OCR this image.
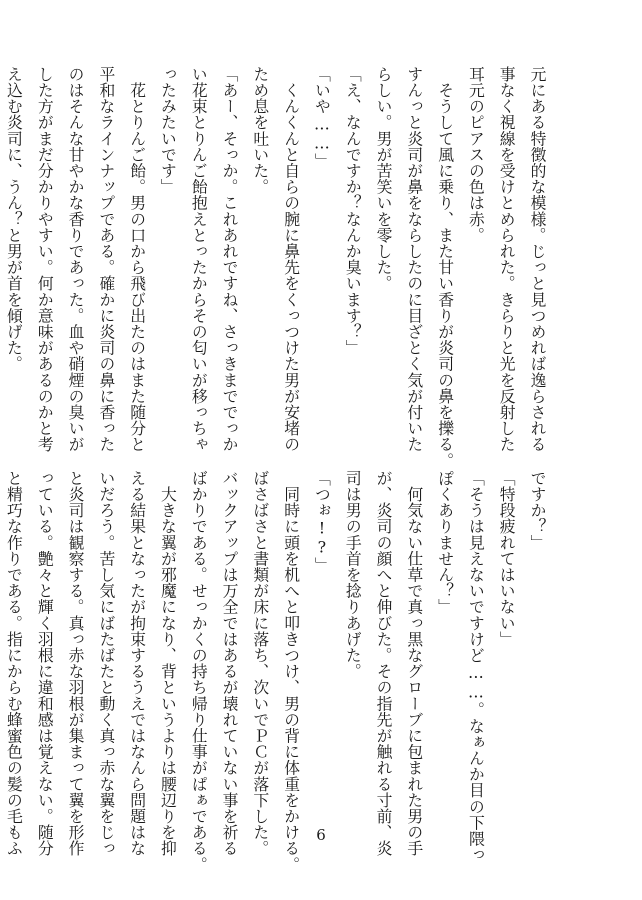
元にある特徴的な模様。じっと見つめれば逸らされる
事なく視線を受けとめられた。きらりと光を反射した
耳元のピアスの色は赤。
　そうして風に乗り、また甘い香りが炎司の鼻を擽る。
すんっと炎司が鼻をならしたのに目ざとく気が付いた
らしい。男が苦笑いを零した。
「え、なんですか？なんか臭います？」
「いや……」
　くんくんと自らの腕に鼻先をくっつけた男が安堵の
ため息を吐いた。
「あー、そっか。これあれですね、さっきまででっか
い花束とりんご飴抱えとったからその匂いが移っちゃ
ったみたいです」
　花とりんご飴。男の口から飛び出たのはまた随分と
平和なラインナップである。確かに炎司の鼻に香った
のはそんな甘やかな香りであった。血や硝煙の臭いが
した方がまだ分かりやすい。何か意味があるのかと考
え込む炎司に、うん？と男が首を傾げた。
ですか？」
「特段疲れてはいない」
「そうは見えないですけど……。なぁんか目の下隈っ
ぽくありません？」
　何気ない仕草で真っ黒なグローブに包まれた男の手
が、炎司の顔へと伸びた。その指先が触れる寸前、炎
司は男の手首を捻りあげた。
「つぉ!?」
　同時に頭を机へと叩きつけ、男の背に体重をかける。
ばさばさと書類が床に落ち、次いでＰＣが落下した。
バックアップは万全ではあるが壊れていない事を祈る
ばかりである。せっかくの持ち帰り仕事がぱぁである。
　大きな翼が邪魔になり、背というよりは腰辺りを抑
える結果となったが拘束するうえではなんら問題はな
いだろう。苦し気にばたばたと動く真っ赤な翼をじっ
と炎司は観察する。真っ赤な羽根が集まって翼を形作
っている。艶々と輝く羽根に違和感は覚えない。随分
と精巧な作りである。指にからむ蜂蜜色の髪の毛もふ	6
